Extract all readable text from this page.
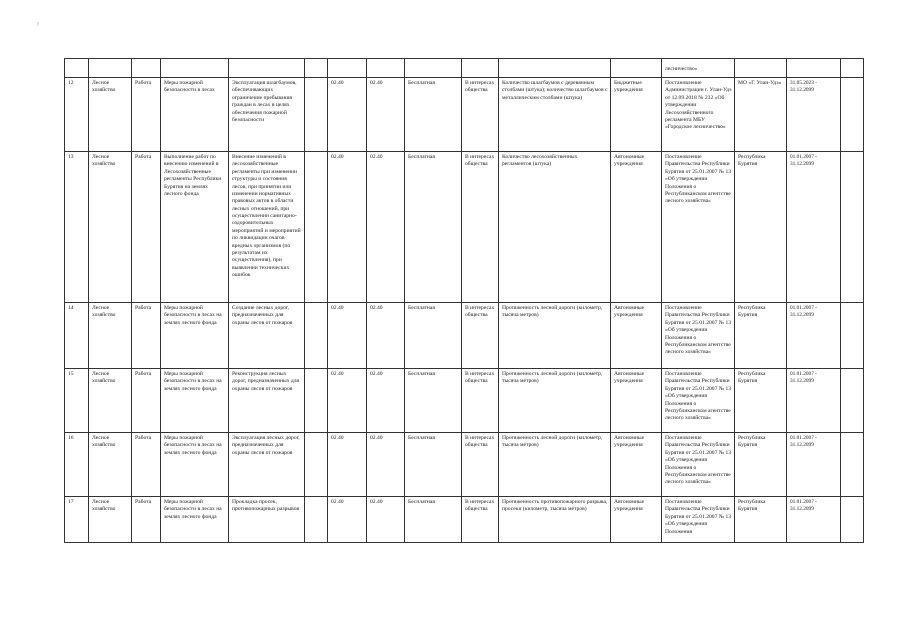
!

												лесничество»			

12	Лесное хозяйство	Работа	Меры пожарной безопасности в лесах	Эксплуатация шлагбаумов, обеспечивающих ограничение пребывания граждан в лесах в целях обеспечения пожарной безопасности		02.40	02.40	Бесплатная	В интересах общества	Количество шлагбаумов с деревянным столбами (штука); количество шлагбаумов с металлическим столбами (штука)	Бюджетные учреждения	Постановление Администрации г. Улан-Удэ от 12.09.2018 № 232 «Об утверждении Лесохозяйственного регламента МБУ «Городское лесничество»	МО «Г. Улан-Удэ»	31.05.2023 - 31.12.2099	
13	Лесное хозяйство	Работа	Выполнение работ по внесению изменений в Лесохозяйственные регламенты Республики Бурятия на землях лесного фонда	Внесение изменений в лесохозяйственные регламенты при изменении структуры и состояния лесов, при принятии или изменении нормативных правовых актов в области лесных отношений, при осуществлении санитарно-оздоровительных мероприятий и мероприятий по ликвидации очагов вредных организмов (по результатам их осуществления), при выявлении технических ошибок		02.40	02.40	Бесплатная	В интересах общества	Количество лесохозяйственных регламентов (штука)	Автономные учреждения	Постановление Правительства Республики Бурятия от 25.01.2007 № 13 «Об утверждении Положения о Республиканском агентстве лесного хозяйства»	Республика Бурятия	01.01.2007 - 31.12.2099	
14	Лесное хозяйство	Работа	Меры пожарной безопасности в лесах на землях лесного фонда	Создание лесных дорог, предназначенных для охраны лесов от пожаров		02.40	02.40	Бесплатная	В интересах общества	Протяженность лесной дороги (километр, тысяча метров)	Автономные учреждения	Постановление Правительства Республики Бурятия от 25.01.2007 № 13 «Об утверждении Положения о Республиканском агентстве лесного хозяйства»	Республика Бурятия	01.01.2007 - 31.12.2099	
15	Лесное хозяйство	Работа	Меры пожарной безопасности в лесах на землях лесного фонда	Реконструкция лесных дорог, предназначенных для охраны лесов от пожаров		02.40	02.40	Бесплатная	В интересах общества	Протяженность лесной дороги (километр, тысяча метров)	Автономные учреждения	Постановление Правительства Республики Бурятия от 25.01.2007 № 13 «Об утверждении Положения о Республиканском агентстве лесного хозяйства»	Республика Бурятия	01.01.2007 - 31.12.2099	
16	Лесное хозяйство	Работа	Меры пожарной безопасности в лесах на землях лесного фонда	Эксплуатация лесных дорог, предназначенных для охраны лесов от пожаров		02.40	02.40	Бесплатная	В интересах общества	Протяженность лесной дороги (километр, тысяча метров)	Автономные учреждения	Постановление Правительства Республики Бурятия от 25.01.2007 № 13 «Об утверждении Положения о Республиканском агентстве лесного хозяйства»	Республика Бурятия	01.01.2007 - 31.12.2099	
17	Лесное хозяйство	Работа	Меры пожарной безопасности в лесах на землях лесного фонда	Прокладка просек, противопожарных разрывов		02.40	02.40	Бесплатная	В интересах общества	Протяженность противопожарного разрыва, просеки (километр, тысяча метров)	Автономные учреждения	Постановление Правительства Республики Бурятия от 25.01.2007 № 13 «Об утверждении Положения	Республика Бурятия	01.01.2007 - 31.12.2099	
